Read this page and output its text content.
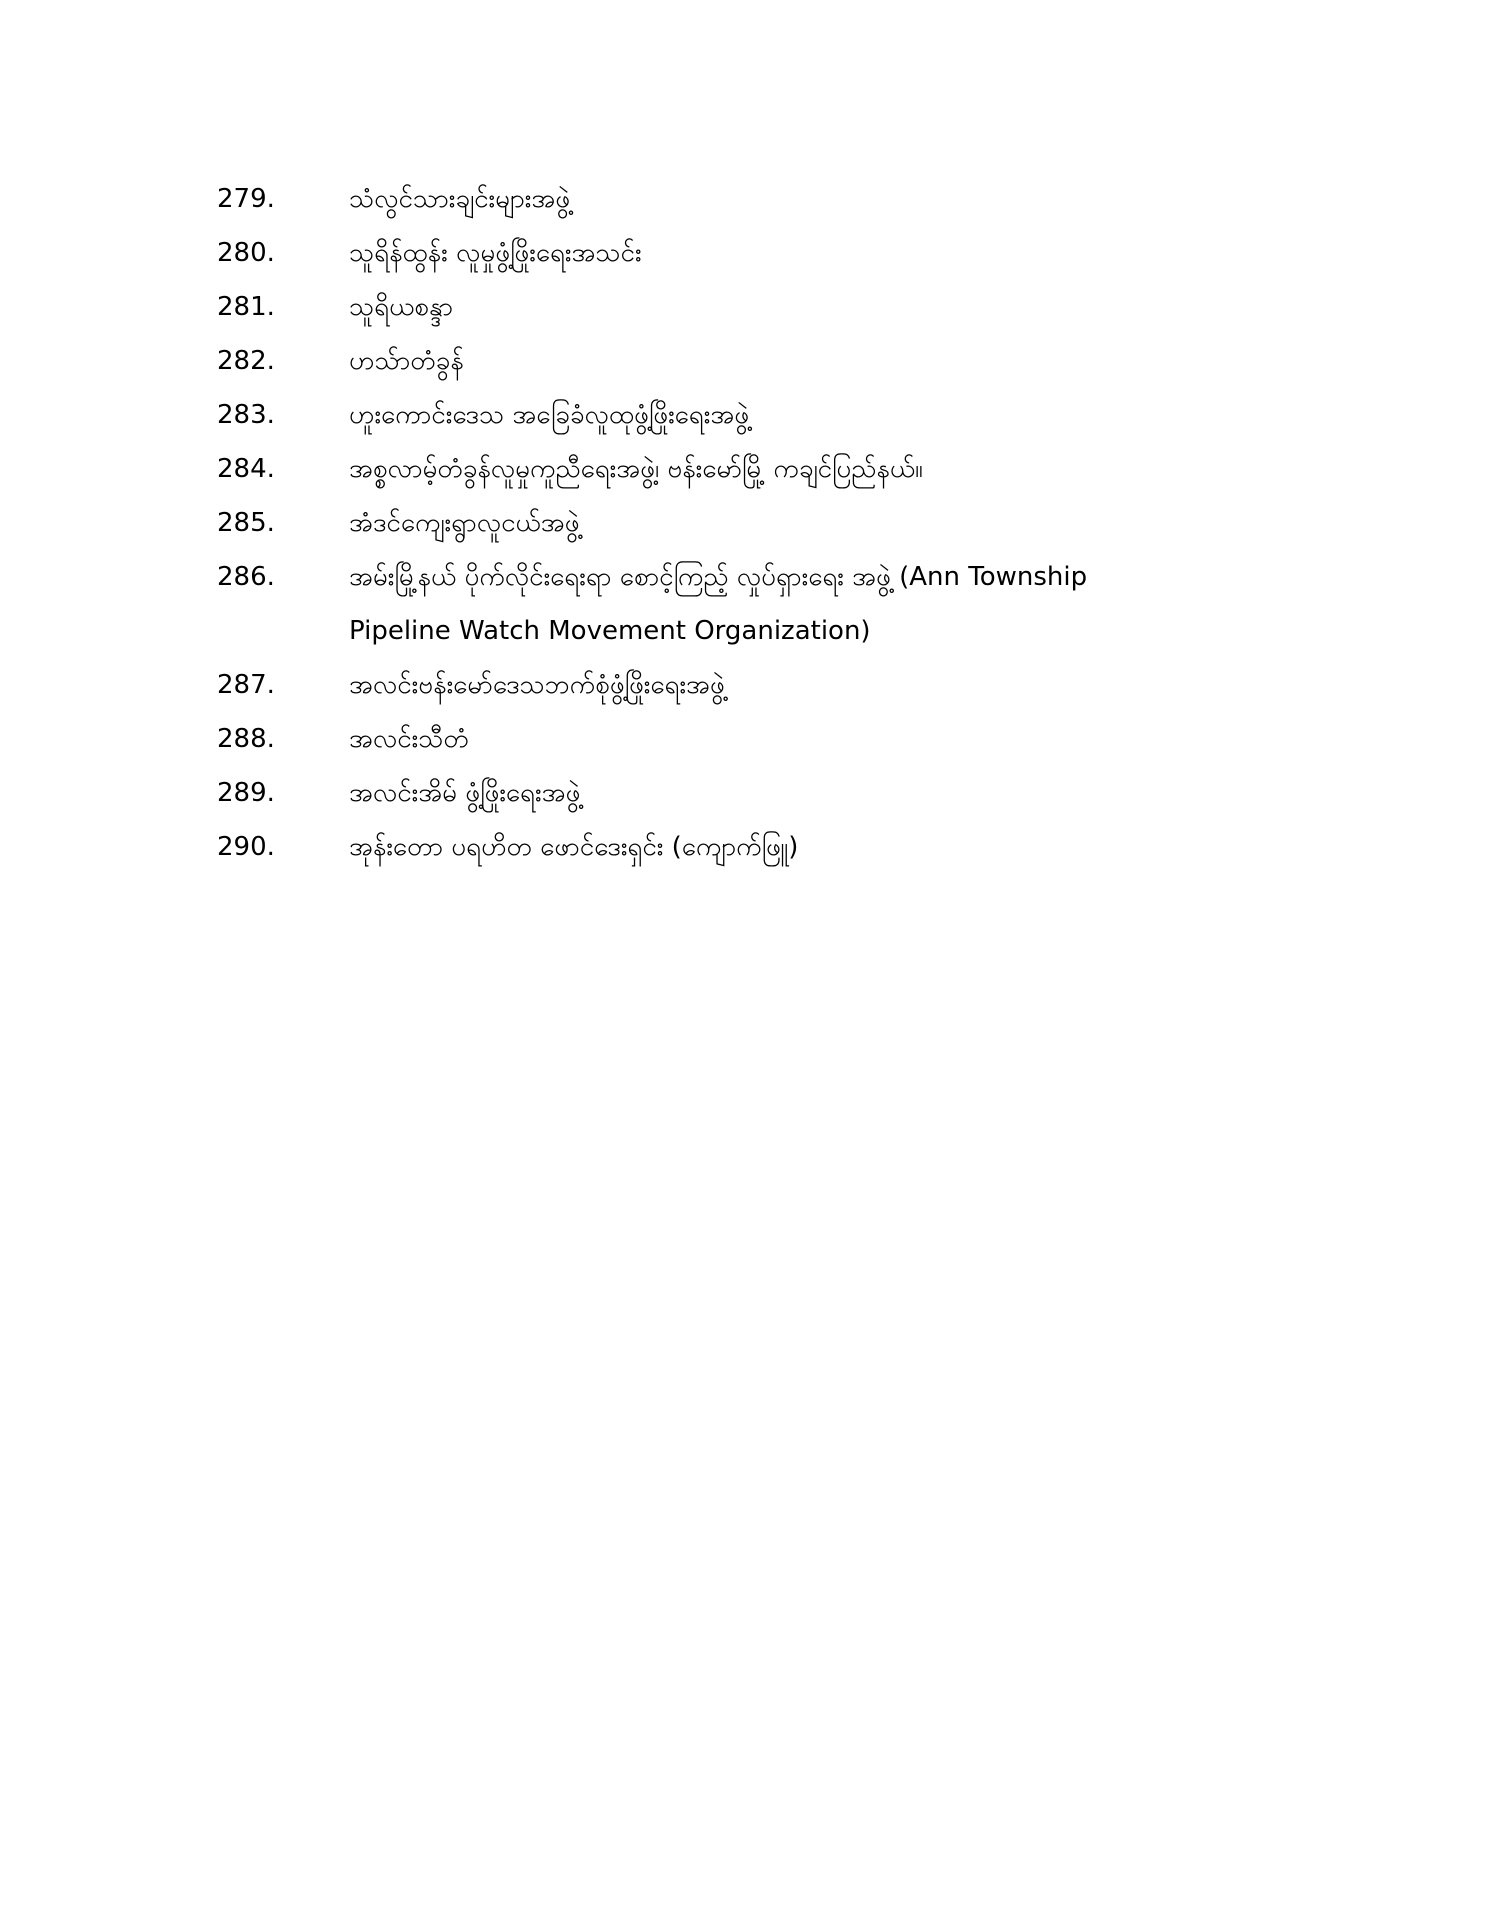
279.	သံလွင်သားချင်းများအဖွဲ့
280.	သူရိန်ထွန်း လူမှုဖွံ့ဖြိုးရေးအသင်း
281.	သူရိယစန္ဒာ
282.	ဟသ်ာတံခွန်
283.	ဟူးကောင်းဒေသ အခြေခံလူထုဖွံ့ဖြိုးရေးအဖွဲ့
284.	အစ္စလာမ့်တံခွန်လူမှုကူညီရေးအဖွဲ့၊ ဗန်းမော်မြို့ ကချင်ပြည်နယ်။
285.	အံဒင်ကျေးရွာလူငယ်အဖွဲ့
286.	အမ်းမြို့နယ် ပိုက်လိုင်းရေးရာ စောင့်ကြည့် လှုပ်ရှားရေး အဖွဲ့ (Ann Township
Pipeline Watch Movement Organization)
287.	အလင်းဗန်းမော်ဒေသဘက်စုံဖွံ့ဖြိုးရေးအဖွဲ့
288.	အလင်းသီတံ
289.	အလင်းအိမ် ဖွံ့ဖြိုးရေးအဖွဲ့
290.	အုန်းတော ပရဟိတ ဖောင်ဒေးရှင်း (ကျောက်ဖြူ)
